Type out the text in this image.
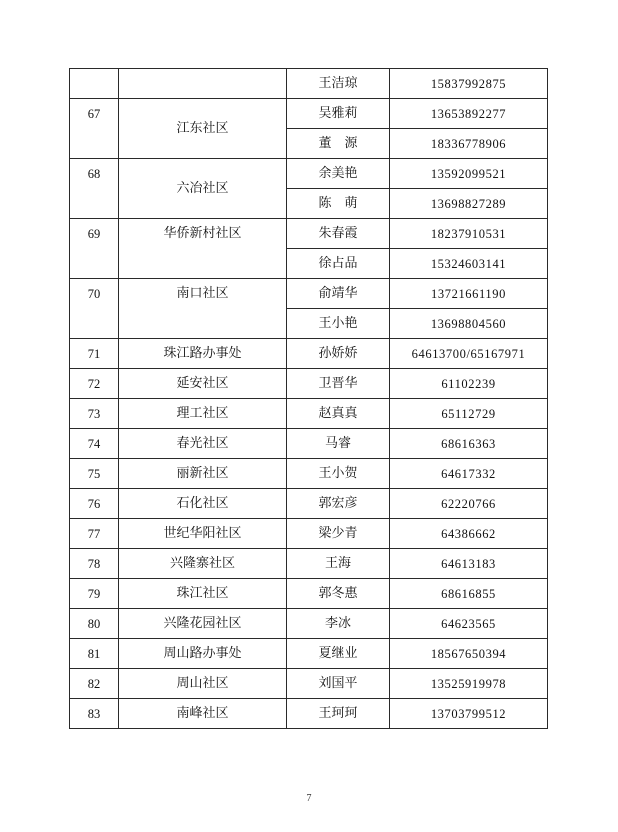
		王洁琼	15837992875
67	江东社区	吴雅莉	13653892277
		董　源	18336778906
68	六冶社区	余美艳	13592099521
		陈　萌	13698827289
69	华侨新村社区	朱春霞	18237910531
		徐占品	15324603141
70	南口社区	俞靖华	13721661190
		王小艳	13698804560
71	珠江路办事处	孙娇娇	64613700/65167971
72	延安社区	卫晋华	61102239
73	理工社区	赵真真	65112729
74	春光社区	马睿	68616363
75	丽新社区	王小贺	64617332
76	石化社区	郭宏彦	62220766
77	世纪华阳社区	梁少青	64386662
78	兴隆寨社区	王海	64613183
79	珠江社区	郭冬惠	68616855
80	兴隆花园社区	李冰	64623565
81	周山路办事处	夏继业	18567650394
82	周山社区	刘国平	13525919978
83	南峰社区	王珂珂	13703799512
7
